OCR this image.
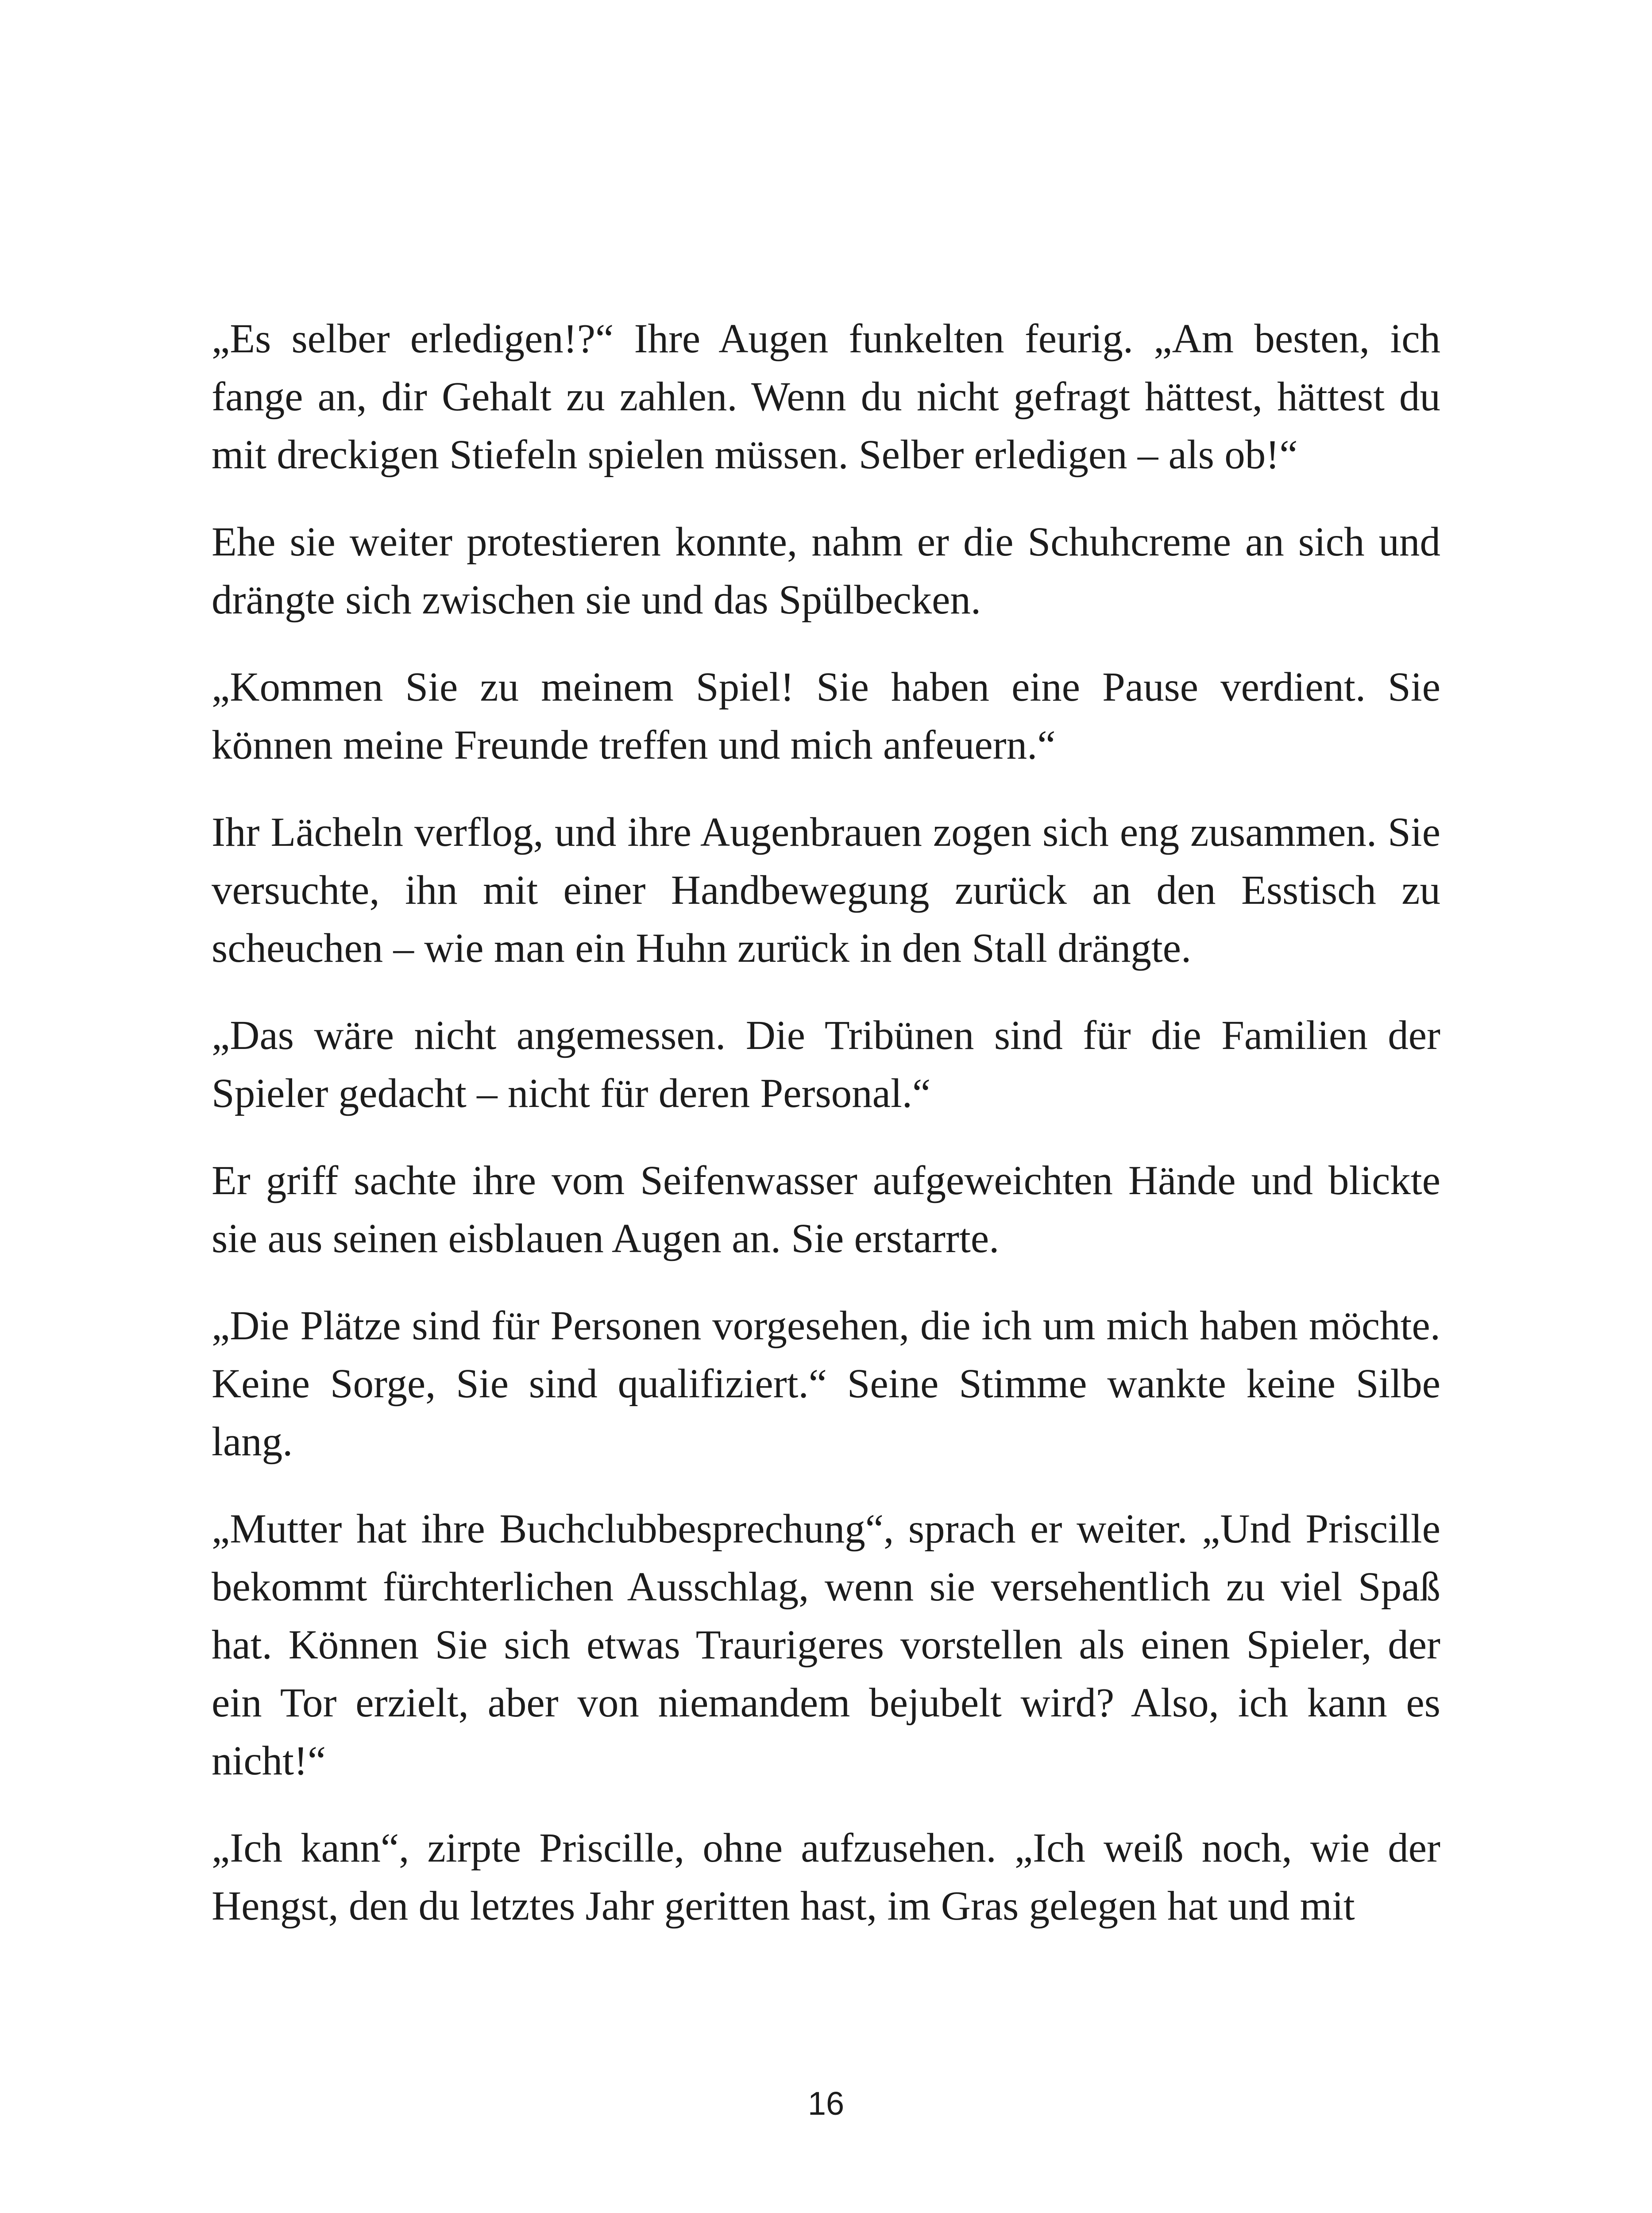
„Es selber erledigen!?“ Ihre Augen funkelten feurig. „Am besten, ich fange an, dir Gehalt zu zahlen. Wenn du nicht gefragt hättest, hättest du mit dreckigen Stiefeln spielen müssen. Selber erledigen – als ob!“

Ehe sie weiter protestieren konnte, nahm er die Schuhcreme an sich und drängte sich zwischen sie und das Spülbecken.

„Kommen Sie zu meinem Spiel! Sie haben eine Pause verdient. Sie können meine Freunde treffen und mich anfeuern.“

Ihr Lächeln verflog, und ihre Augenbrauen zogen sich eng zusammen. Sie versuchte, ihn mit einer Handbewegung zurück an den Esstisch zu scheuchen – wie man ein Huhn zurück in den Stall drängte.

„Das wäre nicht angemessen. Die Tribünen sind für die Familien der Spieler gedacht – nicht für deren Personal.“

Er griff sachte ihre vom Seifenwasser aufgeweichten Hände und blickte sie aus seinen eisblauen Augen an. Sie erstarrte.

„Die Plätze sind für Personen vorgesehen, die ich um mich haben möchte. Keine Sorge, Sie sind qualifiziert.“ Seine Stimme wankte keine Silbe lang.

„Mutter hat ihre Buchclubbesprechung“, sprach er weiter. „Und Priscille bekommt fürchterlichen Ausschlag, wenn sie versehentlich zu viel Spaß hat. Können Sie sich etwas Traurigeres vorstellen als einen Spieler, der ein Tor erzielt, aber von niemandem bejubelt wird? Also, ich kann es nicht!“

„Ich kann“, zirpte Priscille, ohne aufzusehen. „Ich weiß noch, wie der Hengst, den du letztes Jahr geritten hast, im Gras gelegen hat und mit

16
